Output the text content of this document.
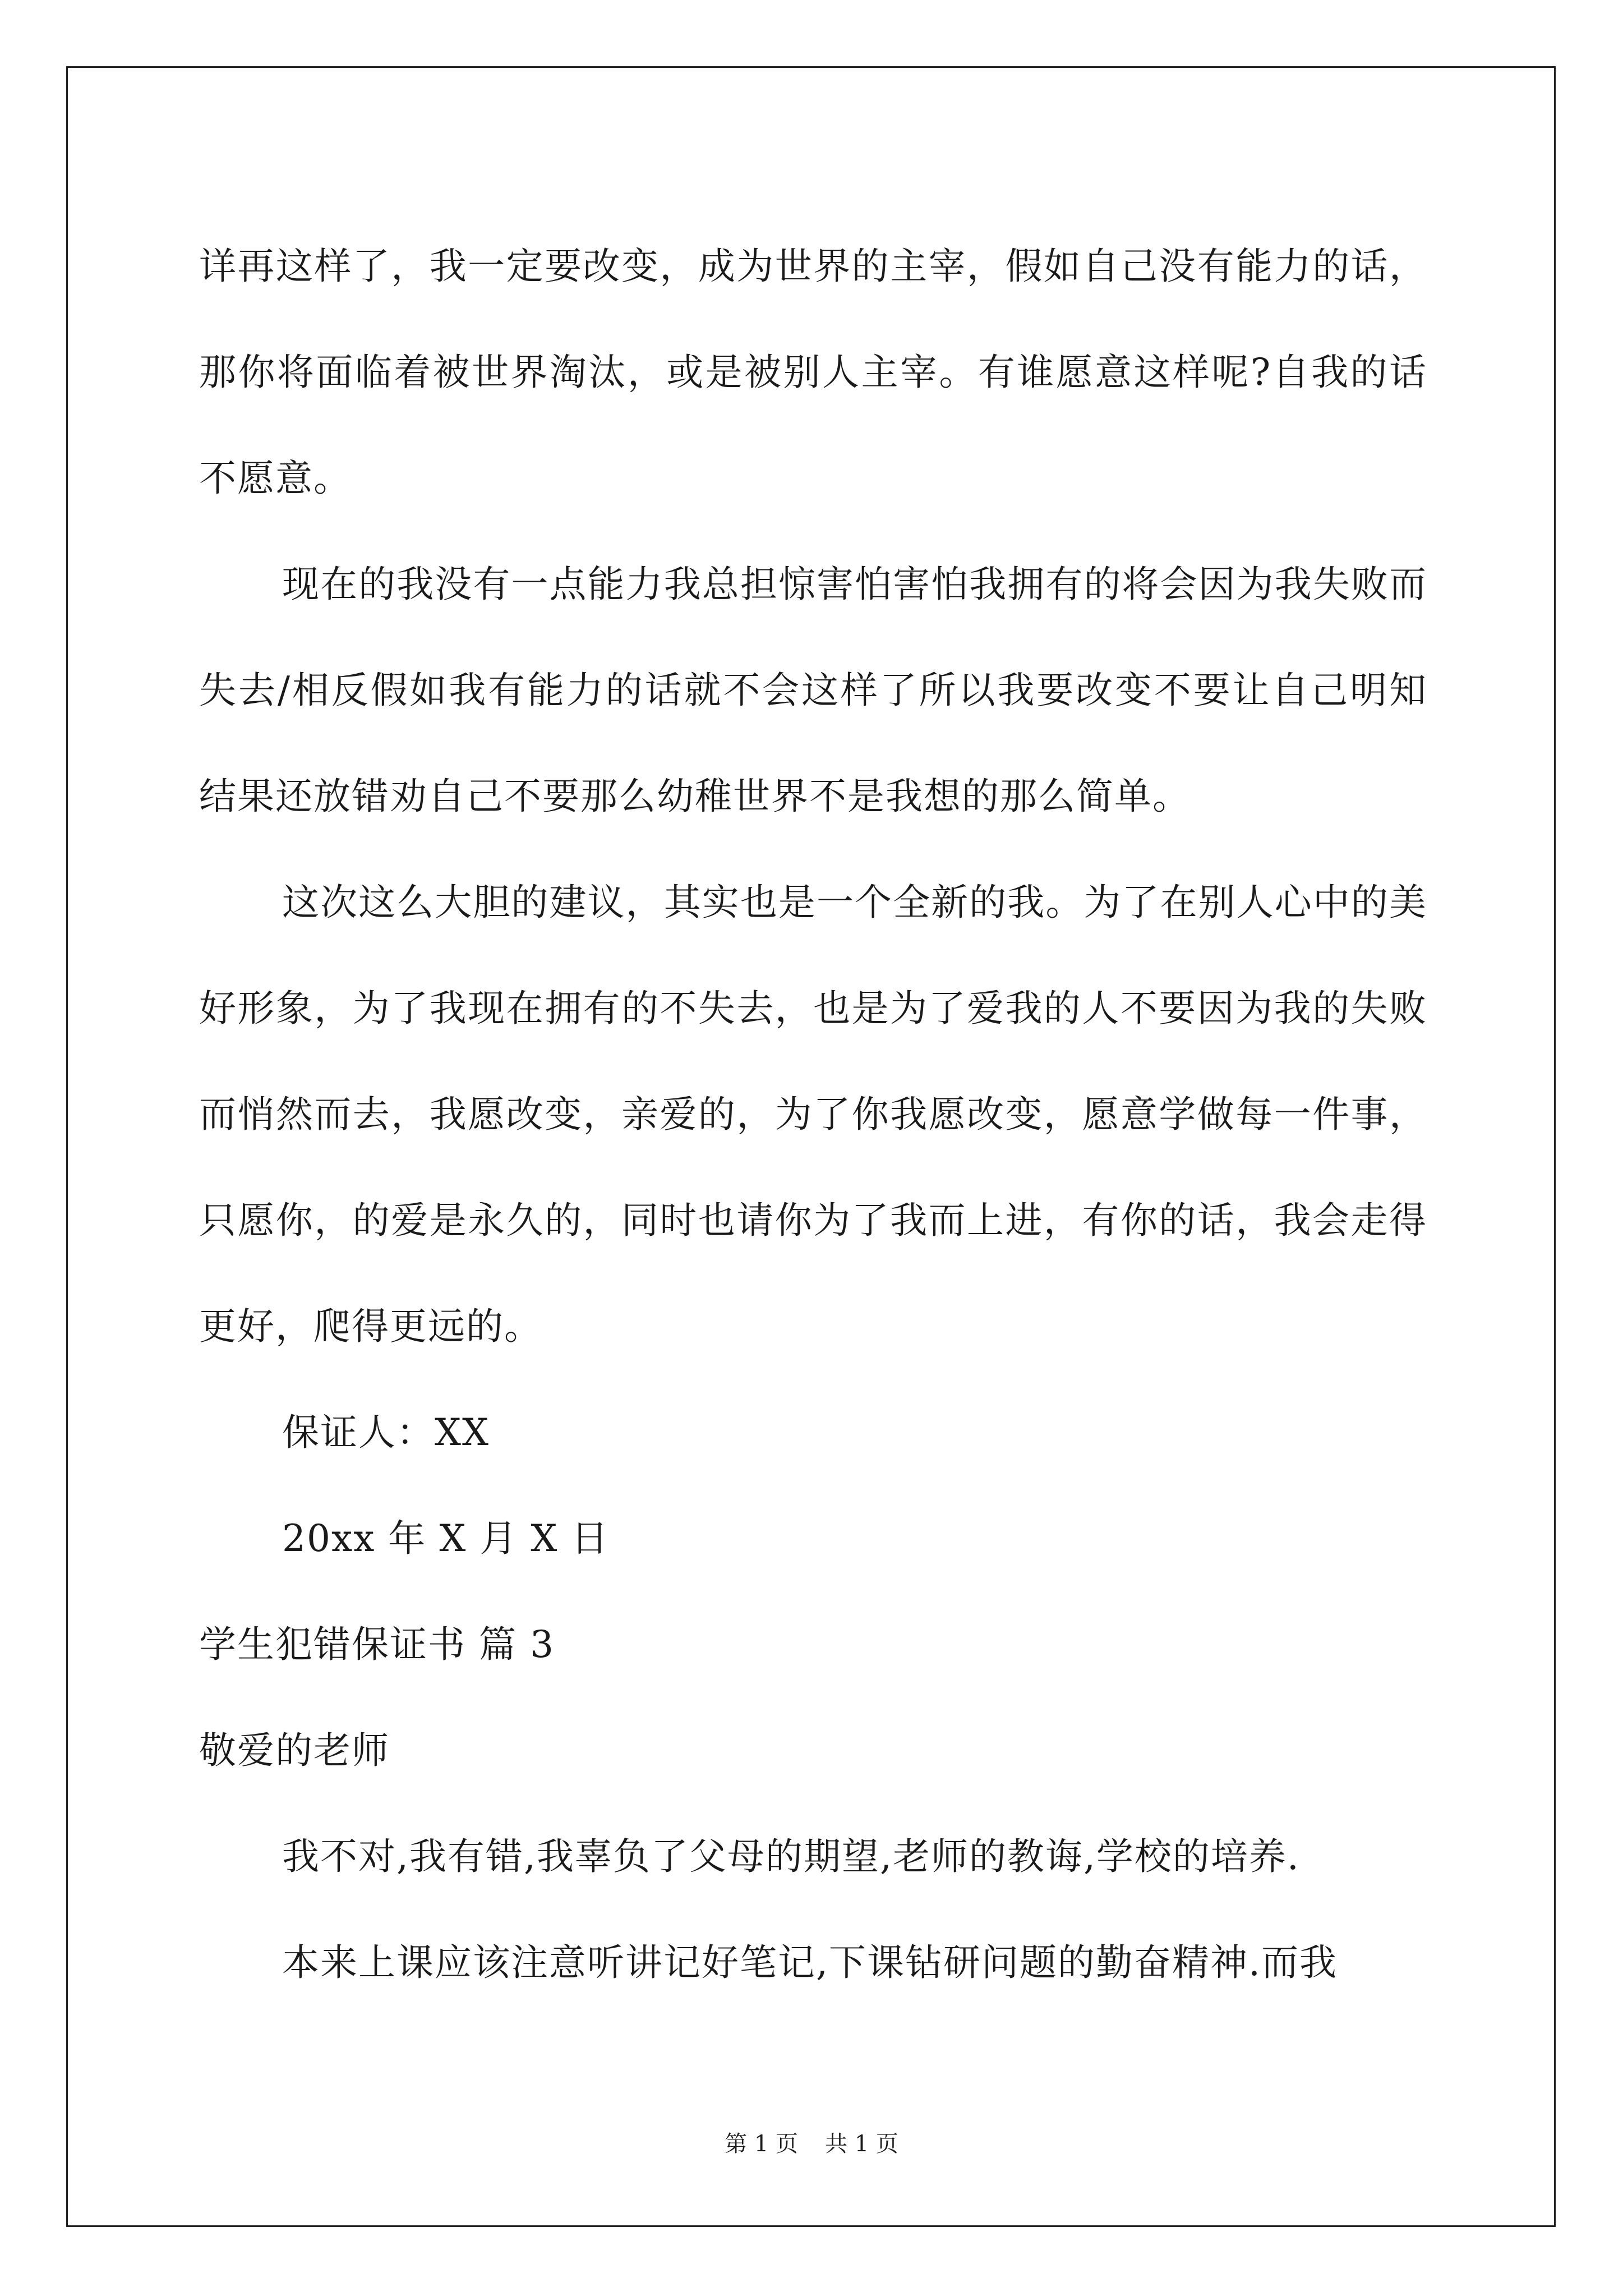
详再这样了，我一定要改变，成为世界的主宰，假如自己没有能力的话，那你将面临着被世界淘汰，或是被别人主宰。有谁愿意这样呢?自我的话不愿意。

现在的我没有一点能力我总担惊害怕害怕我拥有的将会因为我失败而失去/相反假如我有能力的话就不会这样了所以我要改变不要让自己明知结果还放错劝自己不要那么幼稚世界不是我想的那么简单。

这次这么大胆的建议，其实也是一个全新的我。为了在别人心中的美好形象，为了我现在拥有的不失去，也是为了爱我的人不要因为我的失败而悄然而去，我愿改变，亲爱的，为了你我愿改变，愿意学做每一件事，只愿你，的爱是永久的，同时也请你为了我而上进，有你的话，我会走得更好，爬得更远的。

保证人：XX

20xx 年 X 月 X 日

学生犯错保证书 篇 3

敬爱的老师

我不对,我有错,我辜负了父母的期望,老师的教诲,学校的培养.

本来上课应该注意听讲记好笔记,下课钻研问题的勤奋精神.而我

第 1 页 共 1 页
